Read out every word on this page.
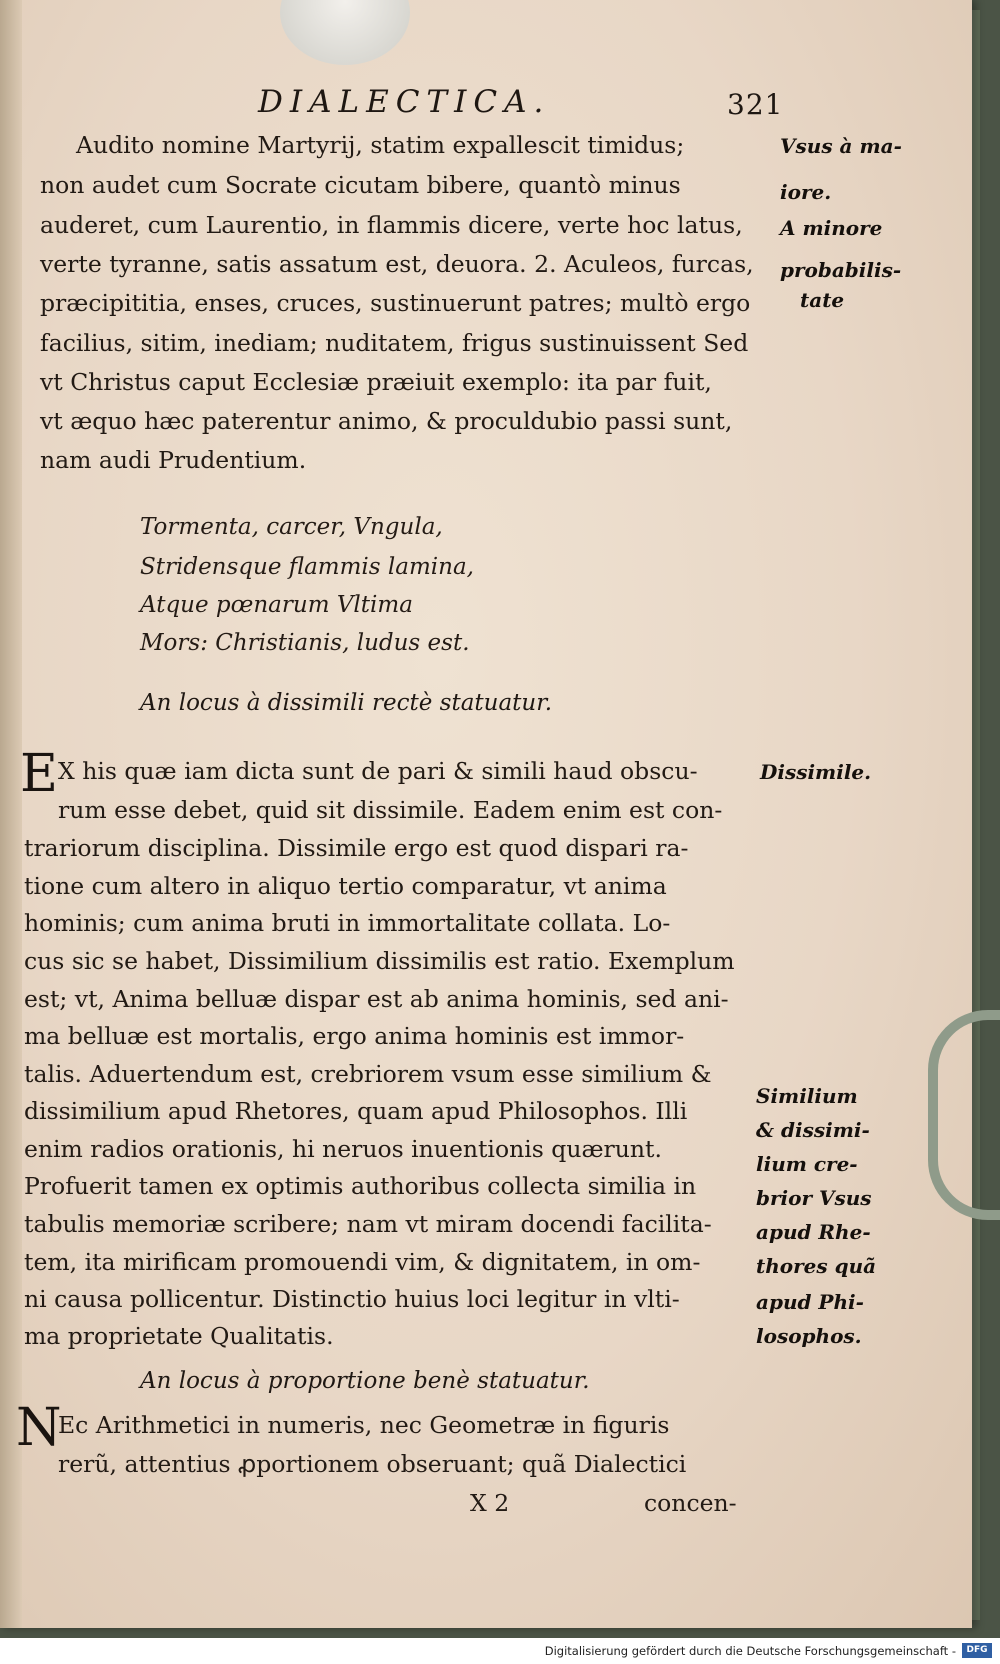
DIALECTICA.	321
Audito nomine Martyrij, statim expallescit timidus;
non audet cum Socrate cicutam bibere, quantò minus
auderet, cum Laurentio, in flammis dicere, verte hoc latus,
verte tyranne, satis assatum est, deuora. 2. Aculeos, furcas,
præcipititia, enses, cruces, sustinuerunt patres; multò ergo
facilius, sitim, inediam; nuditatem, frigus sustinuissent Sed
vt Christus caput Ecclesiæ præiuit exemplo: ita par fuit,
vt æquo hæc paterentur animo, & proculdubio passi sunt,
nam audi Prudentium.
Tormenta, carcer, Vngula,
Stridensque flammis lamina,
Atque pœnarum Vltima
Mors: Christianis, ludus est.
An locus à dissimili rectè statuatur.
E X his quæ iam dicta sunt de pari & simili haud obscu-
rum esse debet, quid sit dissimile. Eadem enim est con-
trariorum disciplina. Dissimile ergo est quod dispari ra-
tione cum altero in aliquo tertio comparatur, vt anima
hominis; cum anima bruti in immortalitate collata. Lo-
cus sic se habet, Dissimilium dissimilis est ratio. Exemplum
est; vt, Anima belluæ dispar est ab anima hominis, sed ani-
ma belluæ est mortalis, ergo anima hominis est immor-
talis. Aduertendum est, crebriorem vsum esse similium &
dissimilium apud Rhetores, quam apud Philosophos. Illi
enim radios orationis, hi neruos inuentionis quærunt.
Profuerit tamen ex optimis authoribus collecta similia in
tabulis memoriæ scribere; nam vt miram docendi facilita-
tem, ita mirificam promouendi vim, & dignitatem, in om-
ni causa pollicentur. Distinctio huius loci legitur in vlti-
ma proprietate Qualitatis.
An locus à proportione benè statuatur.
N
Ec Arithmetici in numeris, nec Geometræ in figuris
rerũ, attentius ꝓportionem obseruant; quã Dialectici
X 2	concen-
Vsus à ma-
iore.
A minore
probabilis-
tate
Dissimile.
Similium
& dissimi-
lium cre-
brior Vsus
apud Rhe-
thores quã
apud Phi-
losophos.
Digitalisierung gefördert durch die Deutsche Forschungsgemeinschaft -	DFG
